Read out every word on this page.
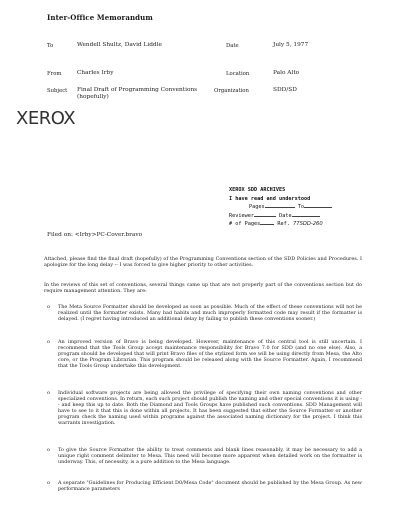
Inter-Office Memorandum
To	Wendell Shultz, David Liddle	Date	July 5, 1977
From	Charles Irby	Location	Palo Alto
Subject Final Draft of Programming Conventions
(hopefully)
Organization	SDD/SD
XEROX
XEROX SDD ARCHIVES
I have read and understood
Pages	To
Reviewer	Date
# of Pages	Ref. 77SDD-260
Filed on: <Irby>PC-Cover.bravo
Attached, please find the final draft (hopefully) of the Programming Conventions section of the SDD Policies and Procedures. I apologize for the long delay -- I was forced to give higher priority to other activities.
In the reviews of this set of conventions, several things came up that are not properly part of the conventions section but do require management attention. They are:
o The Meta Source Formatter should be developed as soon as possible. Much of the effect of these conventions will not be realized until the formatter exists. Many bad habits and much improperly formatted code may result if the formatter is delayed. (I regret having introduced an additional delay by failing to publish these conventions sooner.)
o An improved version of Bravo is being developed. However, maintenance of this central tool is still uncertain. I recommend that the Tools Group accept maintenance responsibility for Bravo 7.0 for SDD (and no one else). Also, a program should be developed that will print Bravo files of the stylized form we will be using directly from Mesa, the Alto core, or the Program Librarian. This program should be released along with the Source Formatter. Again, I recommend that the Tools Group undertake this development.
o Individual software projects are being allowed the privilege of specifying their own naming conventions and other specialized conventions. In return, each such project should publish the naming and other special conventions it is using -- and keep this up to date. Both the Diamond and Tools Groups have published such conventions. SDD Management will have to see to it that this is done within all projects. It has been suggested that either the Source Formatter or another program check the naming used within programs against the associated naming dictionary for the project. I think this warrants investigation.
o To give the Source Formatter the ability to treat comments and blank lines reasonably, it may be necessary to add a unique right comment delimiter to Mesa. This need will become more apparent when detailed work on the formatter is underway. This, of necessity, is a pure addition to the Mesa language.
o A separate "Guidelines for Producing Efficient D0/Mesa Code" document should be published by the Mesa Group. As new performance parameters
